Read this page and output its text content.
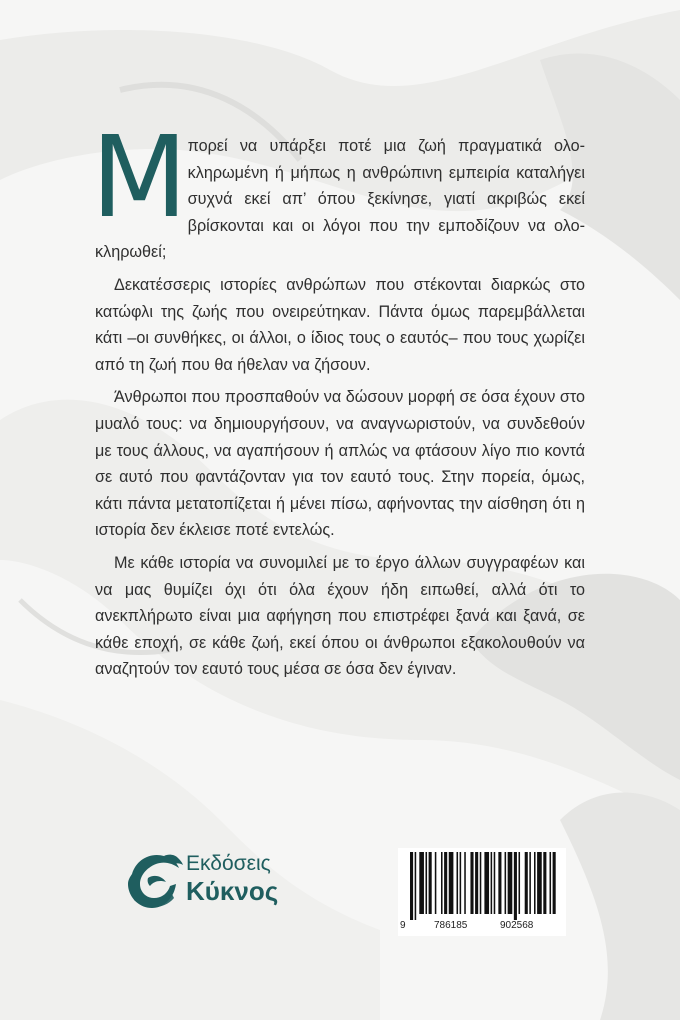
Μπορεί να υπάρξει ποτέ μια ζωή πραγματικά ολοκληρωμένη ή μήπως η ανθρώπινη εμπειρία καταλήγει συχνά εκεί απ’ όπου ξεκίνησε, γιατί ακριβώς εκεί βρίσκονται και οι λόγοι που την εμποδίζουν να ολοκληρωθεί;

Δεκατέσσερις ιστορίες ανθρώπων που στέκονται διαρκώς στο κατώφλι της ζωής που ονειρεύτηκαν. Πάντα όμως παρεμβάλλεται κάτι –οι συνθήκες, οι άλλοι, ο ίδιος τους ο εαυτός– που τους χωρίζει από τη ζωή που θα ήθελαν να ζήσουν.

Άνθρωποι που προσπαθούν να δώσουν μορφή σε όσα έχουν στο μυαλό τους: να δημιουργήσουν, να αναγνωριστούν, να συνδεθούν με τους άλλους, να αγαπήσουν ή απλώς να φτάσουν λίγο πιο κοντά σε αυτό που φαντάζονταν για τον εαυτό τους. Στην πορεία, όμως, κάτι πάντα μετατοπίζεται ή μένει πίσω, αφήνοντας την αίσθηση ότι η ιστορία δεν έκλεισε ποτέ εντελώς.

Με κάθε ιστορία να συνομιλεί με το έργο άλλων συγγραφέων και να μας θυμίζει όχι ότι όλα έχουν ήδη ειπωθεί, αλλά ότι το ανεκπλήρωτο είναι μια αφήγηση που επιστρέφει ξανά και ξανά, σε κάθε εποχή, σε κάθε ζωή, εκεί όπου οι άνθρωποι εξακολουθούν να αναζητούν τον εαυτό τους μέσα σε όσα δεν έγιναν.

Εκδόσεις
Κύκνος
9	786185	902568
